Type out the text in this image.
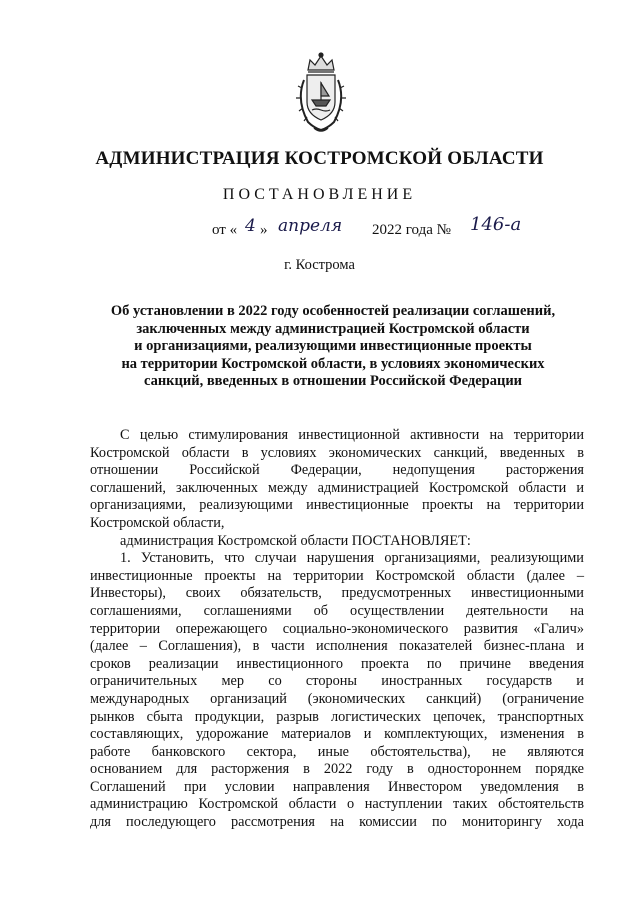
АДМИНИСТРАЦИЯ КОСТРОМСКОЙ ОБЛАСТИ
ПОСТАНОВЛЕНИЕ
от « 4 » апреля 2022 года № 146-а
г. Кострома
Об установлении в 2022 году особенностей реализации соглашений,
заключенных между администрацией Костромской области
и организациями, реализующими инвестиционные проекты
на территории Костромской области, в условиях экономических
санкций, введенных в отношении Российской Федерации
С целью стимулирования инвестиционной активности на территории
Костромской области в условиях экономических санкций, введенных в
отношении Российской Федерации, недопущения расторжения
соглашений, заключенных между администрацией Костромской области и
организациями, реализующими инвестиционные проекты на территории
Костромской области,
администрация Костромской области ПОСТАНОВЛЯЕТ:
1. Установить, что случаи нарушения организациями, реализующими
инвестиционные проекты на территории Костромской области (далее –
Инвесторы), своих обязательств, предусмотренных инвестиционными
соглашениями, соглашениями об осуществлении деятельности на
территории опережающего социально-экономического развития «Галич»
(далее – Соглашения), в части исполнения показателей бизнес-плана и
сроков реализации инвестиционного проекта по причине введения
ограничительных мер со стороны иностранных государств и
международных организаций (экономических санкций) (ограничение
рынков сбыта продукции, разрыв логистических цепочек, транспортных
составляющих, удорожание материалов и комплектующих, изменения в
работе банковского сектора, иные обстоятельства), не являются
основанием для расторжения в 2022 году в одностороннем порядке
Соглашений при условии направления Инвестором уведомления в
администрацию Костромской области о наступлении таких обстоятельств
для последующего рассмотрения на комиссии по мониторингу хода
